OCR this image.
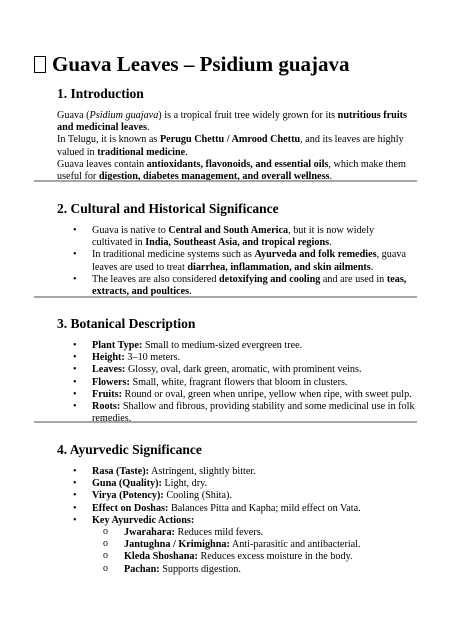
Guava Leaves – Psidium guajava
1. Introduction

Guava (Psidium guajava) is a tropical fruit tree widely grown for its nutritious fruits and medicinal leaves.

In Telugu, it is known as Perugu Chettu / Amrood Chettu, and its leaves are highly valued in traditional medicine.

Guava leaves contain antioxidants, flavonoids, and essential oils, which make them useful for digestion, diabetes management, and overall wellness.

2. Cultural and Historical Significance
• Guava is native to Central and South America, but it is now widely cultivated in India, Southeast Asia, and tropical regions.
• In traditional medicine systems such as Ayurveda and folk remedies, guava leaves are used to treat diarrhea, inflammation, and skin ailments.
• The leaves are also considered detoxifying and cooling and are used in teas, extracts, and poultices.
3. Botanical Description
• Plant Type: Small to medium-sized evergreen tree.
• Height: 3–10 meters.
• Leaves: Glossy, oval, dark green, aromatic, with prominent veins.
• Flowers: Small, white, fragrant flowers that bloom in clusters.
• Fruits: Round or oval, green when unripe, yellow when ripe, with sweet pulp.
• Roots: Shallow and fibrous, providing stability and some medicinal use in folk remedies.
4. Ayurvedic Significance
• Rasa (Taste): Astringent, slightly bitter.
• Guna (Quality): Light, dry.
• Virya (Potency): Cooling (Shita).
• Effect on Doshas: Balances Pitta and Kapha; mild effect on Vata.
• Key Ayurvedic Actions:
o Jwarahara: Reduces mild fevers.
o Jantughna / Krimighna: Anti-parasitic and antibacterial.
o Kleda Shoshana: Reduces excess moisture in the body.
o Pachan: Supports digestion.
